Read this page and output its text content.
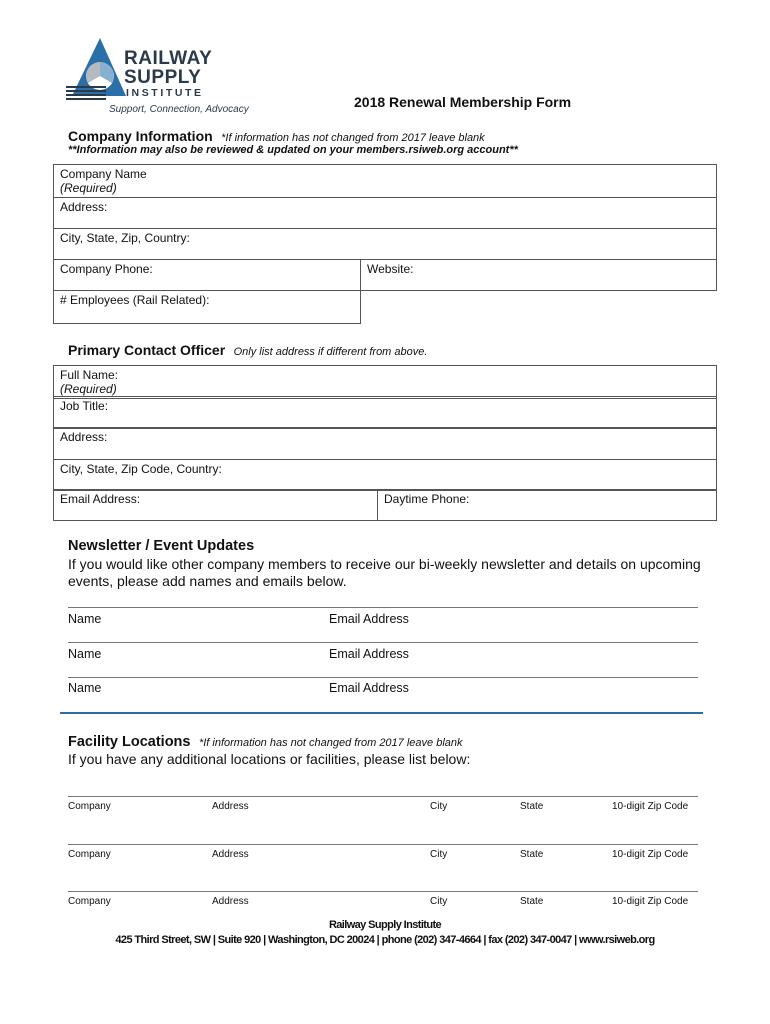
RAILWAY
SUPPLY
INSTITUTE
Support, Connection, Advocacy	2018 Renewal Membership Form
Company Information *If information has not changed from 2017 leave blank
**Information may also be reviewed & updated on your members.rsiweb.org account**
Company Name
(Required)
Address:
City, State, Zip, Country:
Company Phone:	Website:
# Employees (Rail Related):
Primary Contact Officer Only list address if different from above.
Full Name:
(Required)
Job Title:
Address:
City, State, Zip Code, Country:
Email Address:	Daytime Phone:
Newsletter / Event Updates
If you would like other company members to receive our bi-weekly newsletter and details on upcoming
events, please add names and emails below.
Name	Email Address
Name	Email Address
Name	Email Address
Facility Locations *If information has not changed from 2017 leave blank
If you have any additional locations or facilities, please list below:
Company	Address	City	State	10-digit Zip Code
Company	Address	City	State	10-digit Zip Code
Company	Address	City	State	10-digit Zip Code
Railway Supply Institute
425 Third Street, SW | Suite 920 | Washington, DC 20024 | phone (202) 347-4664 | fax (202) 347-0047 | www.rsiweb.org
